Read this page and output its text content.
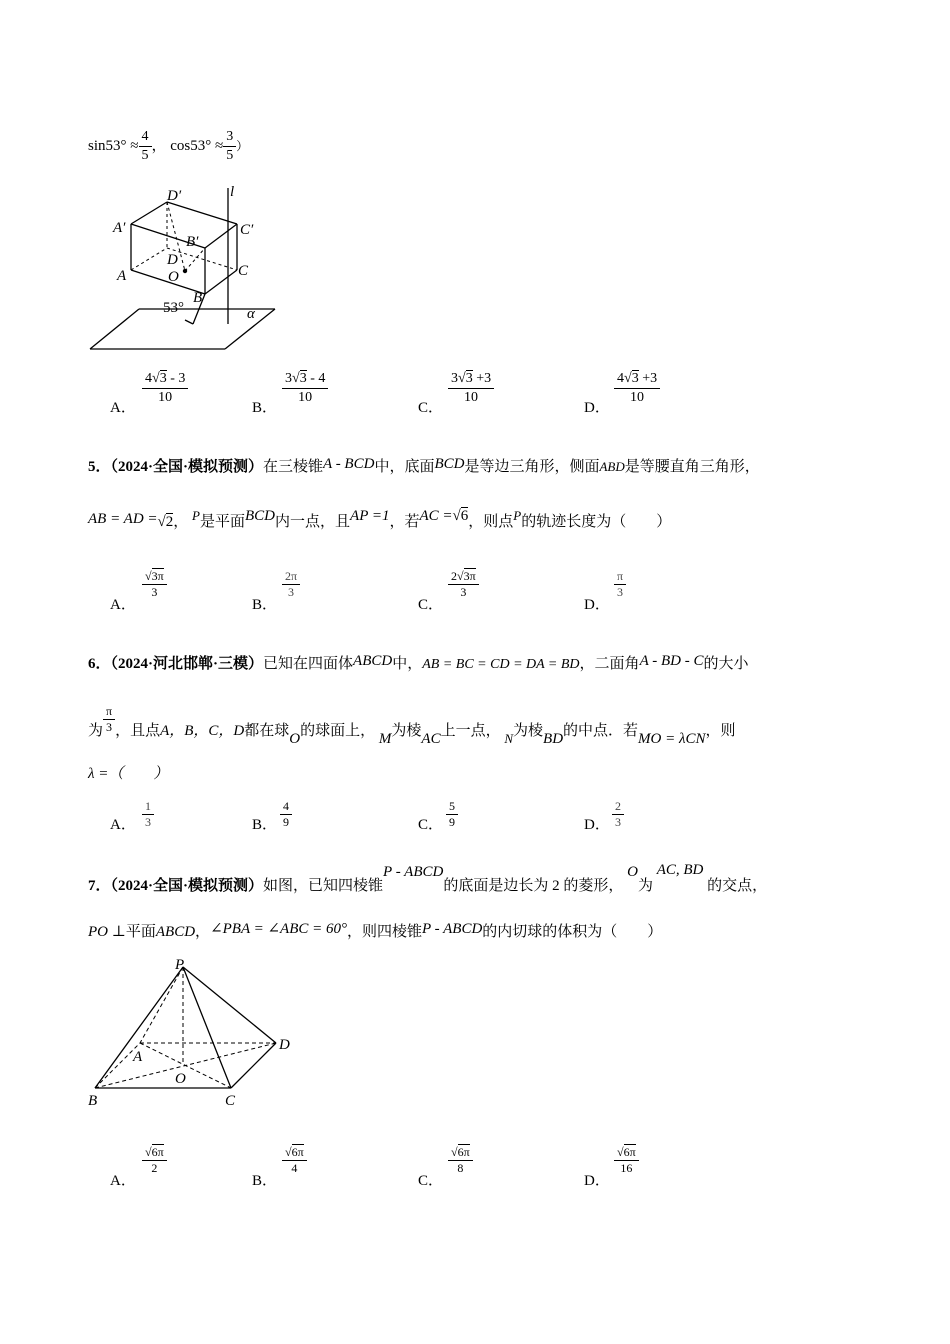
$\sin 53^\circ \approx \frac{4}{5}$ ， $\cos 53^\circ \approx \frac{3}{5}$ ）
D′	l
A′	C′
B′
D
O
A	C
B
53°	α
A．
$\frac{4√3 - 3}{10}$
B．
$\frac{3√3 - 4}{10}$
C．
$\frac{3√3 +3}{10}$
D．
$\frac{4√3 +3}{10}$
5．（2024·全国·模拟预测）在三棱锥A - BCD中，底面BCD是等边三角形，侧面ABD是等腰直角三角形，
AB = AD =√2， P是平面BCD内一点，且AP =1，若AC =√6，则点P的轨迹长度为（　　）
A．
$\frac{√3\pi}{3}$
B．
$\frac{2\pi}{3}$
C．
$\frac{2√3\pi}{3}$
D．
$\frac{\pi}{3}$
6．（2024·河北邯郸·三模）已知在四面体ABCD中，AB = BC = CD = DA = BD，二面角A - BD - C的大小
为 $\frac{\pi}{3}$ ，且点A，B，C，D都在球O的球面上， M为棱AC上一点， N为棱BD的中点．若MO = λCN，则
λ =（　　）
A． $\frac{1}{3}$	B． $\frac{4}{9}$	C． $\frac{5}{9}$	D． $\frac{2}{3}$
7．（2024·全国·模拟预测）如图，已知四棱锥P - ABCD的底面是边长为 2 的菱形， O为 AC, BD 的交点，
PO ⊥平面ABCD，∠PBA = ∠ABC = 60°，则四棱锥P - ABCD的内切球的体积为（　　）
P
A
D
O
B	C
A．
$\frac{√6\pi}{2}$
B．
$\frac{√6\pi}{4}$
C．
$\frac{√6\pi}{8}$
D．
$\frac{√6\pi}{16}$
